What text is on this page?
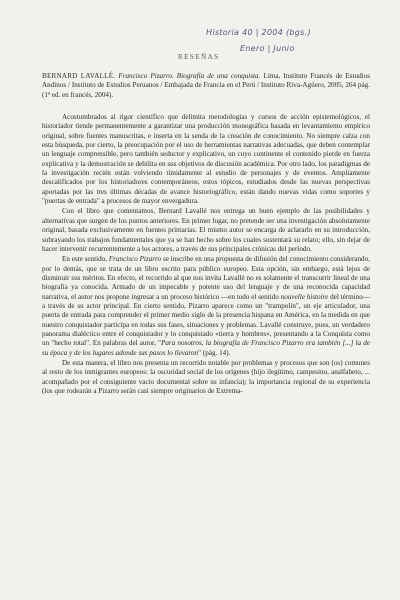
Historia 40 | 2004 (bgs.)
Enero | Junio
RESEÑAS

BERNARD LAVALLÉ. Francisco Pizarro. Biografía de una conquista. Lima, Instituto Francés de Estudios Andinos / Instituto de Estudios Peruanos / Embajada de Francia en el Perú / Instituto Riva-Agüero, 2005, 264 pág. (1ª ed. en francés, 2004).

Acostumbrados al rigor científico que delimita metodologías y cursos de acción epistemológicos, el historiador tiende permanentemente a garantizar una producción monográfica basada en levantamiento empírico original, sobre fuentes manuscritas, e inserta en la senda de la creación de conocimiento. No siempre calza con esta búsqueda, por cierto, la preocupación por el uso de herramientas narrativas adecuadas, que deben contemplar un lenguaje comprensible, pero también seductor y explicativo, un cuyo continente el contenido pierde en fuerza explicativa y la demostración se debilita en sus objetivos de discusión académica. Por otro lado, los paradigmas de la investigación recién están volviendo tímidamente al estudio de personajes y de eventos. Ampliamente descalificados por los historiadores contemporáneos, estos tópicos, estudiados desde las nuevas perspectivas aportadas por las tres últimas décadas de avance historiográfico, están dando nuevas vidas como soportes y "puertas de entrada" a procesos de mayor envergadura.

Con el libro que comentamos, Bernard Lavallé nos entrega un buen ejemplo de las posibilidades y alternativas que surgen de los puntos anteriores. En primer lugar, no pretende ser una investigación absolutamente original, basada exclusivamente en fuentes primarias. El mismo autor se encarga de aclararlo en su introducción, subrayando los trabajos fundamentales que ya se han hecho sobre los cuales sustentará su relato; ello, sin dejar de hacer intervenir recurrentemente a los actores, a través de sus principales crónicas del período.

En este sentido, Francisco Pizarro se inscribe en una propuesta de difusión del conocimiento considerando, por lo demás, que se trata de un libro escrito para público europeo. Esta opción, sin embargo, está lejos de disminuir sus méritos. En efecto, el recorrido al que nos invita Lavallé no es solamente el transcurrir lineal de una biografía ya conocida. Armado de un impecable y potente uso del lenguaje y de una reconocida capacidad narrativa, el autor nos propone ingresar a un proceso histórico —en todo el sentido nouvelle histoire del término— a través de su actor principal. En cierto sentido, Pizarro aparece como un "trampolín", un eje articulador, una puerta de entrada para comprender el primer medio siglo de la presencia hispana en América, en la medida en que nuestro conquistador participa en todas sus fases, situaciones y problemas. Lavallé construye, pues, un verdadero panorama dialéctico entre el conquistador y lo conquistado «tierra y hombres», presentando a la Conquista como un "hecho total". En palabras del autor, "Para nosotros, la biografía de Francisco Pizarro era también [...] la de su época y de los lugares adonde sus pasos lo llevaron" (pág. 14).

De esta manera, el libro nos presenta un recorrido notable por problemas y procesos que son (os) comunes al resto de los inmigrantes europeos: la oscuridad social de los orígenes (hijo ilegítimo, campesino, analfabeto, ... acompañado por el consiguiente vacío documental sobre su infancia); la importancia regional de su experiencia (los que rodearán a Pizarro serán casi siempre originarios de Extrema-
